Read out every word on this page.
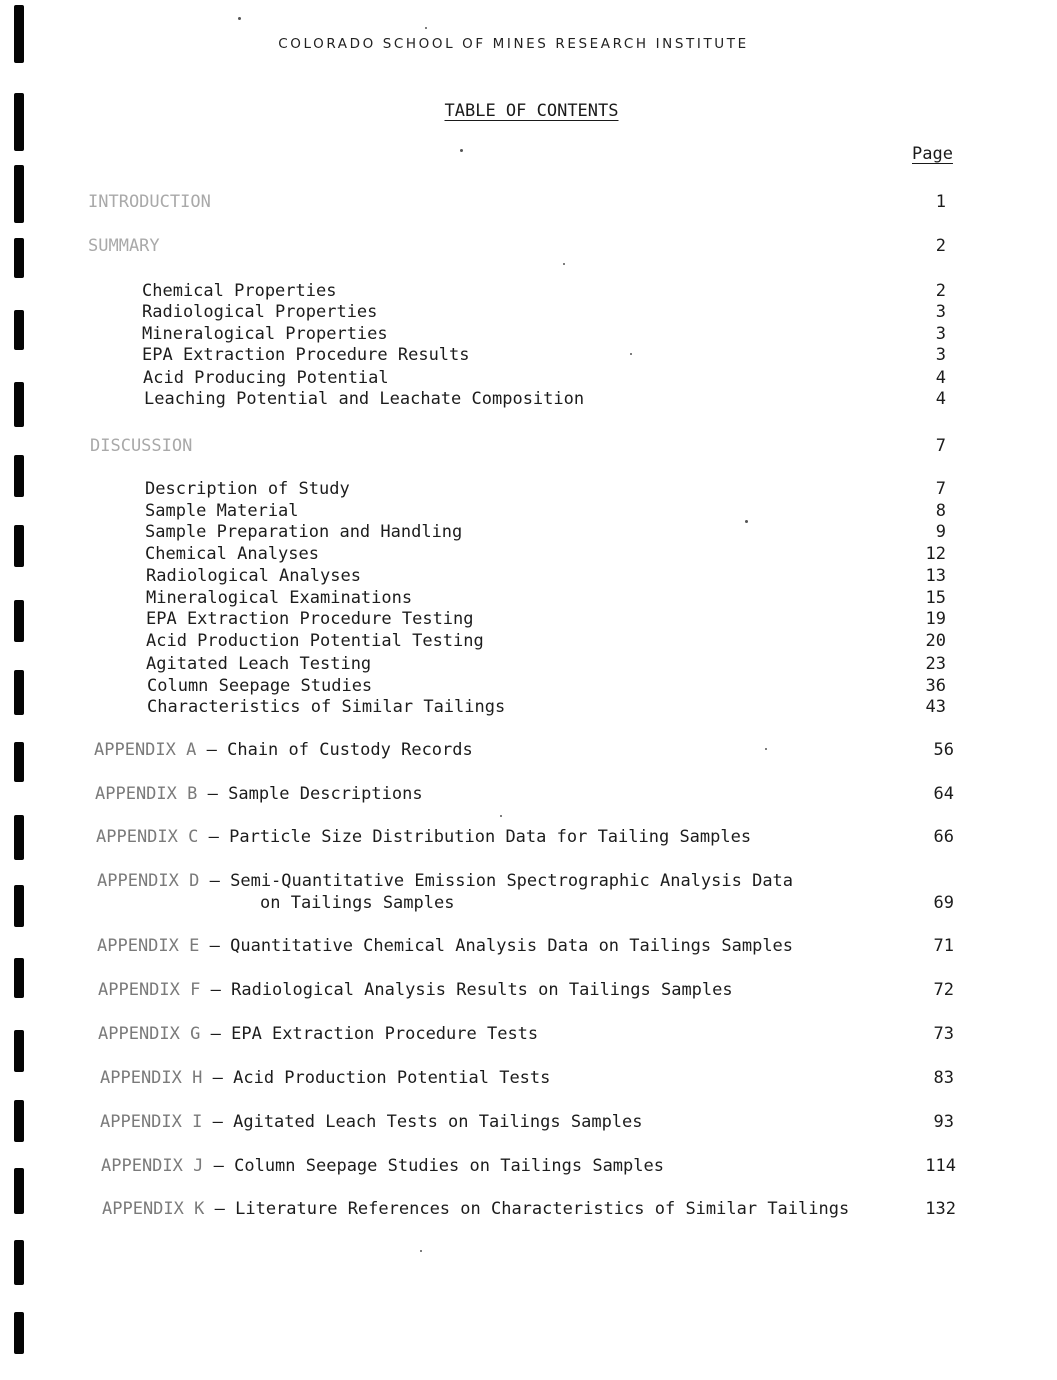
COLORADO SCHOOL OF MINES RESEARCH INSTITUTE
TABLE OF CONTENTS
Page
INTRODUCTION	1
SUMMARY	2
Chemical Properties	2
Radiological Properties	3
Mineralogical Properties	3
EPA Extraction Procedure Results	3
Acid Producing Potential	4
Leaching Potential and Leachate Composition	4
DISCUSSION	7
Description of Study	7
Sample Material	8
Sample Preparation and Handling	9
Chemical Analyses	12
Radiological Analyses	13
Mineralogical Examinations	15
EPA Extraction Procedure Testing	19
Acid Production Potential Testing	20
Agitated Leach Testing	23
Column Seepage Studies	36
Characteristics of Similar Tailings	43
APPENDIX A – Chain of Custody Records	56
APPENDIX B – Sample Descriptions	64
APPENDIX C – Particle Size Distribution Data for Tailing Samples	66
APPENDIX D – Semi-Quantitative Emission Spectrographic Analysis Data
on Tailings Samples	69
APPENDIX E – Quantitative Chemical Analysis Data on Tailings Samples	71
APPENDIX F – Radiological Analysis Results on Tailings Samples	72
APPENDIX G – EPA Extraction Procedure Tests	73
APPENDIX H – Acid Production Potential Tests	83
APPENDIX I – Agitated Leach Tests on Tailings Samples	93
APPENDIX J – Column Seepage Studies on Tailings Samples	114
APPENDIX K – Literature References on Characteristics of Similar Tailings	132
